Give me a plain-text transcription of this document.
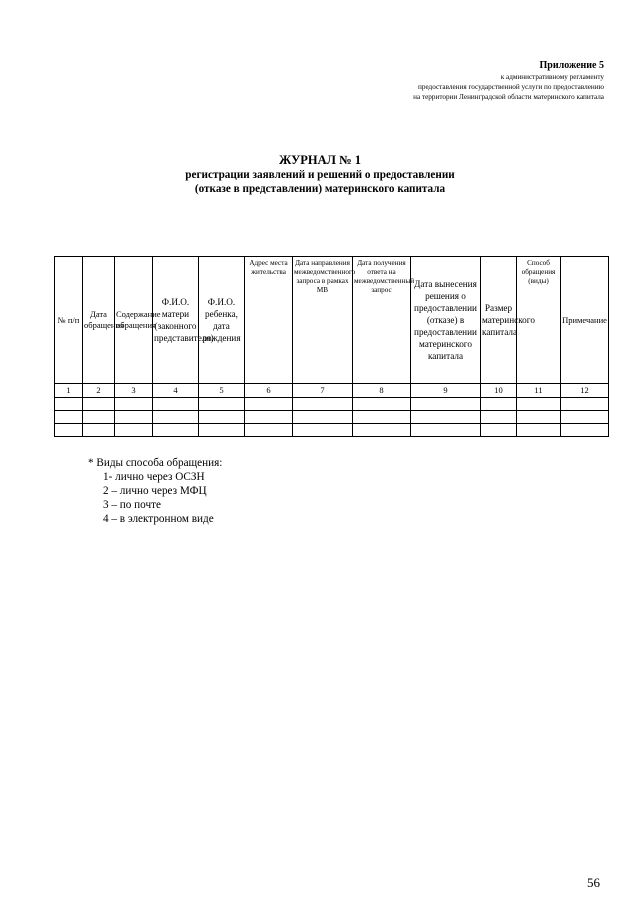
Приложение 5
к административному регламенту
предоставления государственной услуги по предоставлению
на территории Ленинградской области материнского капитала
ЖУРНАЛ № 1
регистрации заявлений и решений о предоставлении
(отказе в представлении) материнского капитала
№ п/п	Дата обращения	Содержание обращения	Ф.И.О. матери (законного представителя)	Ф.И.О. ребенка, дата рождения	Адрес места жительства	Дата направления межведомственного запроса в рамках МВ	Дата получения ответа на межведомственный запрос	Дата вынесения решения о предоставлении (отказе) в предоставлении материнского капитала	Размер материнского капитала	Способ обращения (виды)	Примечание
1	2	3	4	5	6	7	8	9	10	11	12

* Виды способа обращения:
1- лично через ОСЗН
2 – лично через МФЦ
3 – по почте
4 – в электронном виде
56
